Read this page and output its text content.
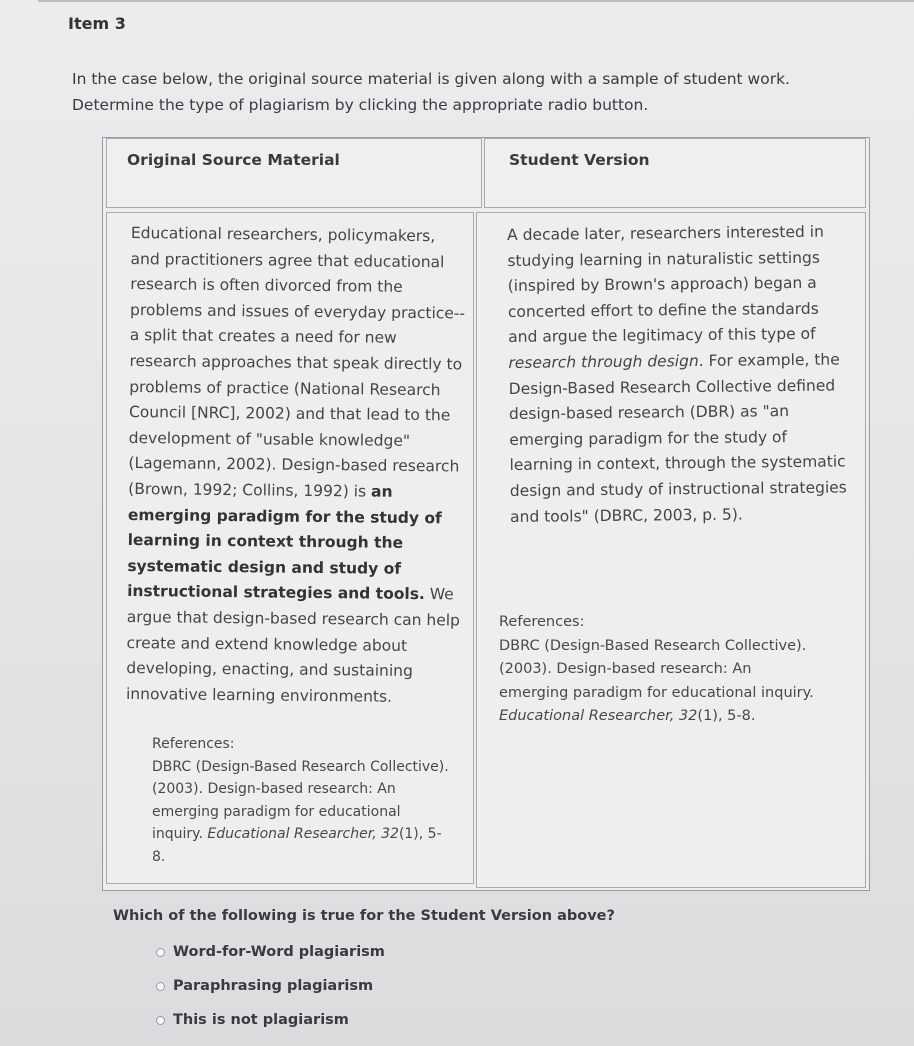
Item 3
In the case below, the original source material is given along with a sample of student work.
Determine the type of plagiarism by clicking the appropriate radio button.
Original Source Material	Student Version
Educational researchers, policymakers, and practitioners agree that educational research is often divorced from the problems and issues of everyday practice--a split that creates a need for new research approaches that speak directly to problems of practice (National Research Council [NRC], 2002) and that lead to the development of "usable knowledge" (Lagemann, 2002). Design-based research (Brown, 1992; Collins, 1992) is an emerging paradigm for the study of learning in context through the systematic design and study of instructional strategies and tools. We argue that design-based research can help create and extend knowledge about developing, enacting, and sustaining innovative learning environments.
References:
DBRC (Design-Based Research Collective). (2003). Design-based research: An emerging paradigm for educational inquiry. Educational Researcher, 32(1), 5-8.
A decade later, researchers interested in studying learning in naturalistic settings (inspired by Brown's approach) began a concerted effort to define the standards and argue the legitimacy of this type of research through design. For example, the Design-Based Research Collective defined design-based research (DBR) as "an emerging paradigm for the study of learning in context, through the systematic design and study of instructional strategies and tools" (DBRC, 2003, p. 5).
References:
DBRC (Design-Based Research Collective). (2003). Design-based research: An emerging paradigm for educational inquiry. Educational Researcher, 32(1), 5-8.
Which of the following is true for the Student Version above?
Word-for-Word plagiarism
Paraphrasing plagiarism
This is not plagiarism
